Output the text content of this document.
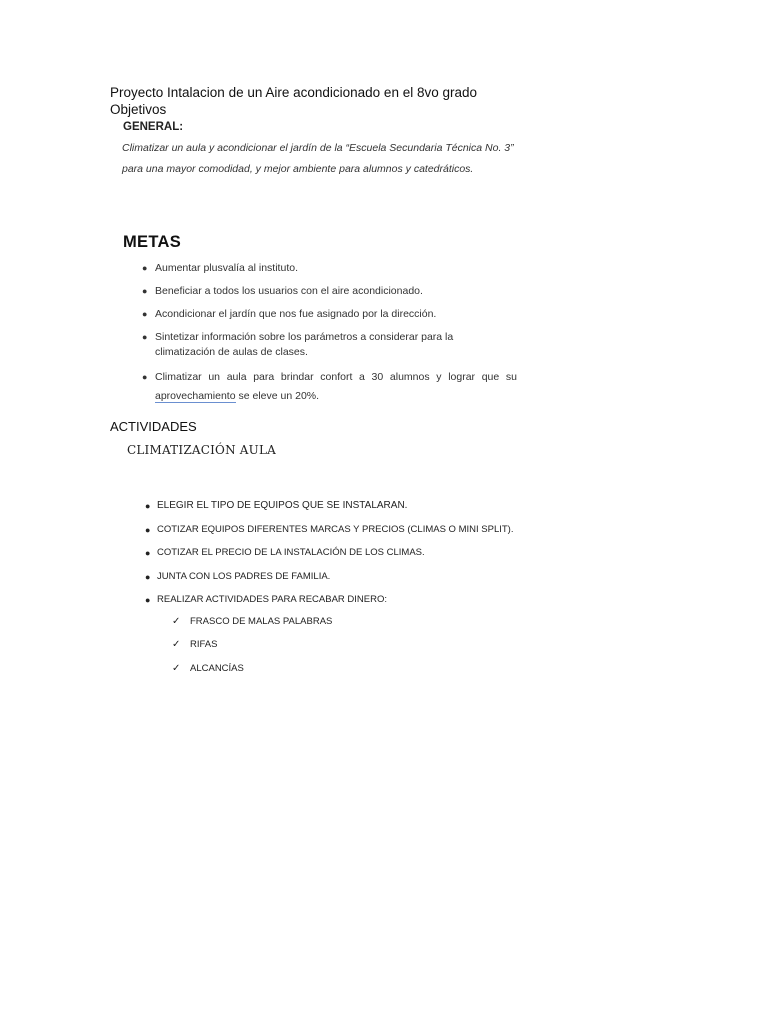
Proyecto Intalacion de un Aire acondicionado en el 8vo grado

Objetivos

GENERAL:

Climatizar un aula y acondicionar el jardín de la “Escuela Secundaria Técnica No. 3” para una mayor comodidad, y mejor ambiente para alumnos y catedráticos.

METAS

● Aumentar plusvalía al instituto.
● Beneficiar a todos los usuarios con el aire acondicionado.
● Acondicionar el jardín que nos fue asignado por la dirección.
● Sintetizar información sobre los parámetros a considerar para la climatización de aulas de clases.
● Climatizar un aula para brindar confort a 30 alumnos y lograr que su
aprovechamiento se eleve un 20%.

ACTIVIDADES

CLIMATIZACIÓN AULA

● ELEGIR EL TIPO DE EQUIPOS QUE SE INSTALARAN.
● COTIZAR EQUIPOS DIFERENTES MARCAS Y PRECIOS (CLIMAS O MINI SPLIT).
● COTIZAR EL PRECIO DE LA INSTALACIÓN DE LOS CLIMAS.
● JUNTA CON LOS PADRES DE FAMILIA.
● REALIZAR ACTIVIDADES PARA RECABAR DINERO:
✓ FRASCO DE MALAS PALABRAS
✓ RIFAS
✓ ALCANCÍAS
